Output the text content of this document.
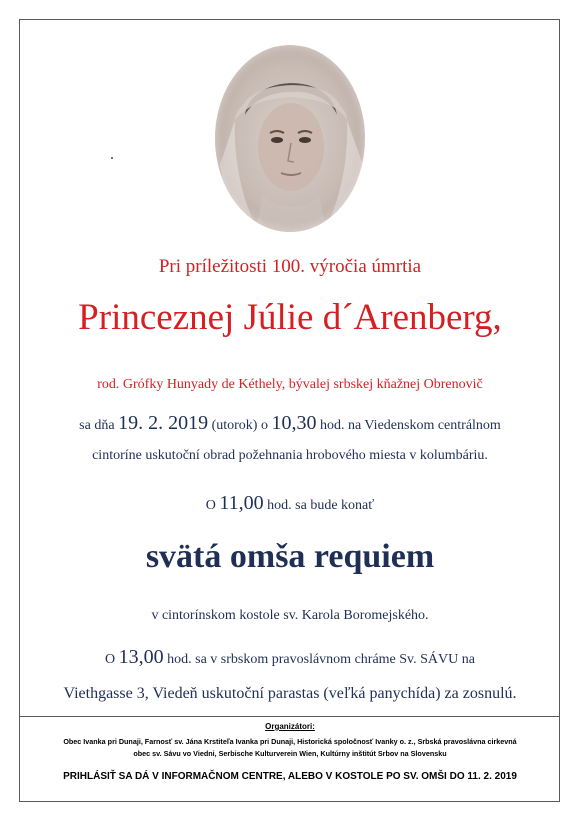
Pri príležitosti 100. výročia úmrtia
Princeznej Júlie d´Arenberg,
rod. Grófky Hunyady de Kéthely, bývalej srbskej kňažnej Obrenovič
sa dňa 19. 2. 2019 (utorok) o 10,30 hod. na Viedenskom centrálnom
cintoríne uskutoční obrad požehnania hrobového miesta v kolumbáriu.
O 11,00 hod. sa bude konať
svätá omša requiem
v cintorínskom kostole sv. Karola Boromejského.
O 13,00 hod. sa v srbskom pravoslávnom chráme Sv. SÁVU na
Viethgasse 3, Viedeň uskutoční parastas (veľká panychída) za zosnulú.
Organizátori:
Obec Ivanka pri Dunaji, Farnosť sv. Jána Krstiteľa Ivanka pri Dunaji, Historická spoločnosť Ivanky o. z., Srbská pravoslávna cirkevná
obec sv. Sávu vo Viedni, Serbische Kulturverein Wien, Kultúrny inštitút Srbov na Slovensku
PRIHLÁSIŤ SA DÁ V INFORMAČNOM CENTRE, ALEBO V KOSTOLE PO SV. OMŠI DO 11. 2. 2019
